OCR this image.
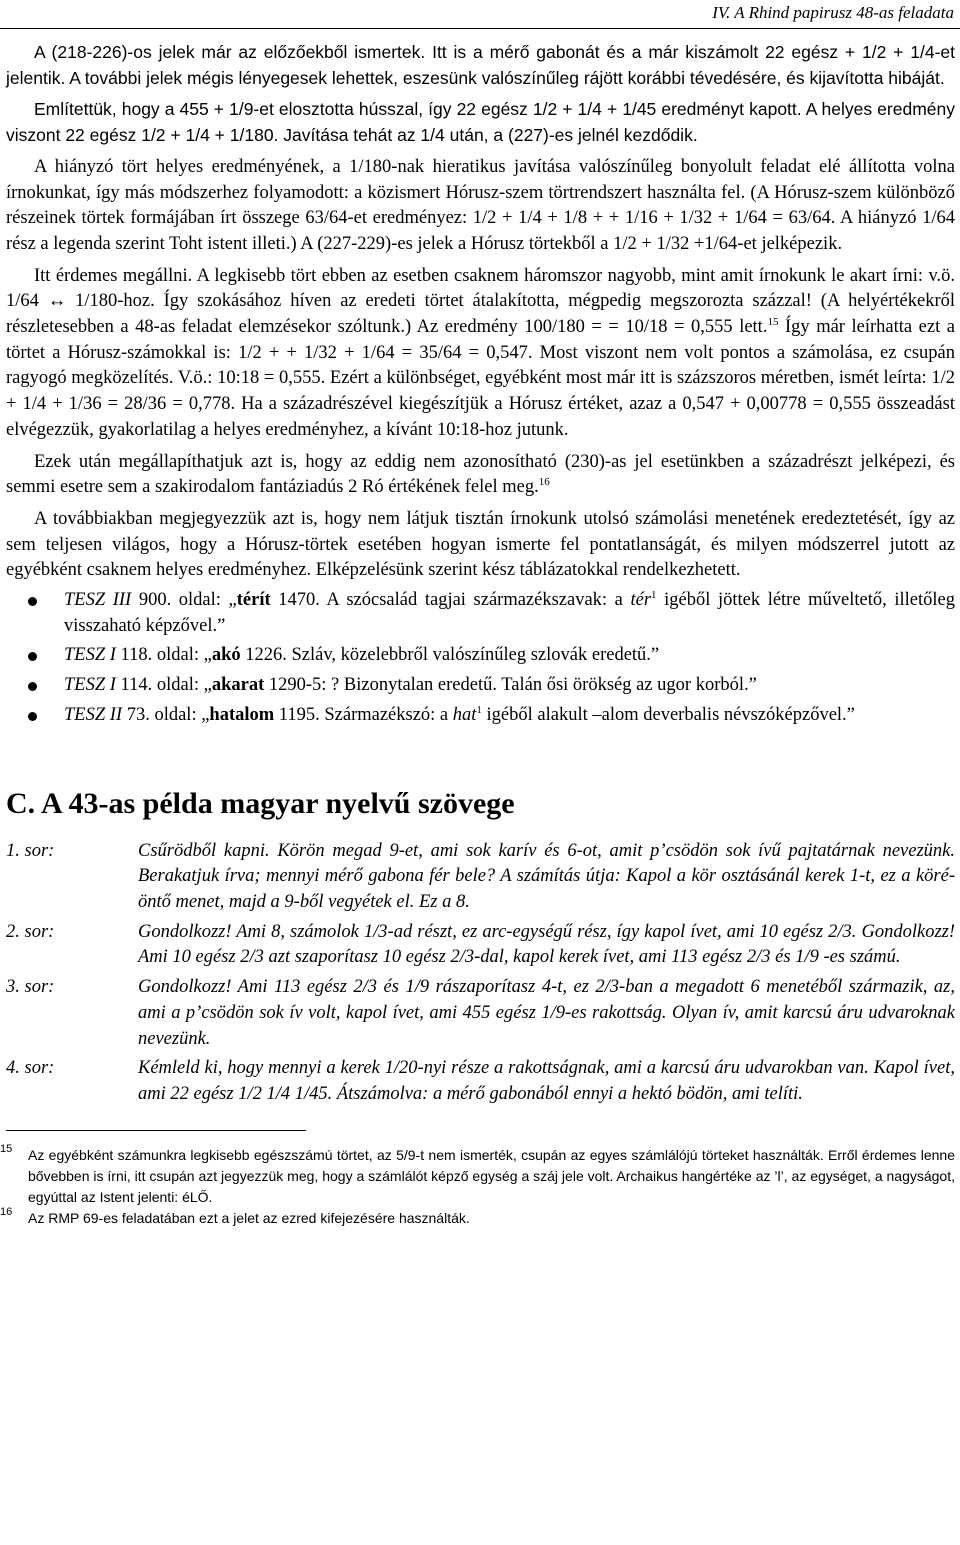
IV. A Rhind papirusz 48-as feladata

A (218-226)-os jelek már az előzőekből ismertek. Itt is a mérő gabonát és a már kiszámolt 22 egész + 1/2 + 1/4-et jelentik. A további jelek mégis lényegesek lehettek, eszesünk valószínűleg rájött korábbi tévedésére, és kijavította hibáját.

Említettük, hogy a 455 + 1/9-et elosztotta hússzal, így 22 egész 1/2 + 1/4 + 1/45 eredményt kapott. A helyes eredmény viszont 22 egész 1/2 + 1/4 + 1/180. Javítása tehát az 1/4 után, a (227)-es jelnél kezdődik.

A hiányzó tört helyes eredményének, a 1/180-nak hieratikus javítása valószínűleg bonyolult feladat elé állította volna írnokunkat, így más módszerhez folyamodott: a közismert Hórusz-szem törtrendszert használta fel. (A Hórusz-szem különböző részeinek törtek formájában írt összege 63/64-et eredményez: 1/2 + 1/4 + 1/8 + + 1/16 + 1/32 + 1/64 = 63/64. A hiányzó 1/64 rész a legenda szerint Toht istent illeti.) A (227-229)-es jelek a Hórusz törtekből a 1/2 + 1/32 +1/64-et jelképezik.

Itt érdemes megállni. A legkisebb tört ebben az esetben csaknem háromszor nagyobb, mint amit írnokunk le akart írni: v.ö. 1/64 ↔ 1/180-hoz. Így szokásához híven az eredeti törtet átalakította, mégpedig megszorozta százzal! (A helyértékekről részletesebben a 48-as feladat elemzésekor szóltunk.) Az eredmény 100/180 = = 10/18 = 0,555 lett.$^{15}$ Így már leírhatta ezt a törtet a Hórusz-számokkal is: 1/2 + + 1/32 + 1/64 = 35/64 = 0,547. Most viszont nem volt pontos a számolása, ez csupán ragyogó megközelítés. V.ö.: 10:18 = 0,555. Ezért a különbséget, egyébként most már itt is százszoros méretben, ismét leírta: 1/2 + 1/4 + 1/36 = 28/36 = 0,778. Ha a századrészével kiegészítjük a Hórusz értéket, azaz a 0,547 + 0,00778 = 0,555 összeadást elvégezzük, gyakorlatilag a helyes eredményhez, a kívánt 10:18-hoz jutunk.

Ezek után megállapíthatjuk azt is, hogy az eddig nem azonosítható (230)-as jel esetünkben a századrészt jelképezi, és semmi esetre sem a szakirodalom fantáziadús 2 Ró értékének felel meg.$^{16}$

A továbbiakban megjegyezzük azt is, hogy nem látjuk tisztán írnokunk utolsó számolási menetének eredeztetését, így az sem teljesen világos, hogy a Hórusz-törtek esetében hogyan ismerte fel pontatlanságát, és milyen módszerrel jutott az egyébként csaknem helyes eredményhez. Elképzelésünk szerint kész táblázatokkal rendelkezhetett.

TESZ III 900. oldal: „térít 1470. A szócsalád tagjai származékszavak: a tér$^1$ igéből jöttek létre műveltető, illetőleg visszaható képzővel.”
TESZ I 118. oldal: „akó 1226. Szláv, közelebbről valószínűleg szlovák eredetű.”
TESZ I 114. oldal: „akarat 1290-5: ? Bizonytalan eredetű. Talán ősi örökség az ugor korból.”
TESZ II 73. oldal: „hatalom 1195. Származékszó: a hat$^1$ igéből alakult –alom deverbalis névszóképzővel.”
C. A 43-as példa magyar nyelvű szövege
1. sor:	Csűrödből kapni. Körön megad 9-et, ami sok karív és 6-ot, amit p’csödön sok ívű pajtatárnak nevezünk. Berakatjuk írva; mennyi mérő gabona fér bele? A számítás útja: Kapol a kör osztásánál kerek 1-t, ez a köré-öntő menet, majd a 9-ből vegyétek el. Ez a 8.
2. sor:	Gondolkozz! Ami 8, számolok 1/3-ad részt, ez arc-egységű rész, így kapol ívet, ami 10 egész 2/3. Gondolkozz! Ami 10 egész 2/3 azt szaporítasz 10 egész 2/3-dal, kapol kerek ívet, ami 113 egész 2/3 és 1/9 -es számú.
3. sor:	Gondolkozz! Ami 113 egész 2/3 és 1/9 rászaporítasz 4-t, ez 2/3-ban a megadott 6 menetéből származik, az, ami a p’csödön sok ív volt, kapol ívet, ami 455 egész 1/9-es rakottság. Olyan ív, amit karcsú áru udvaroknak nevezünk.
4. sor:	Kémleld ki, hogy mennyi a kerek 1/20-nyi része a rakottságnak, ami a karcsú áru udvarokban van. Kapol ívet, ami 22 egész 1/2 1/4 1/45. Átszámolva: a mérő gabonából ennyi a hektó bödön, ami telíti.
15 Az egyébként számunkra legkisebb egészszámú törtet, az 5/9-t nem ismerték, csupán az egyes számlálójú törteket használták. Erről érdemes lenne bővebben is írni, itt csupán azt jegyezzük meg, hogy a számlálót képző egység a száj jele volt. Archaikus hangértéke az ’l’, az egységet, a nagyságot, egyúttal az Istent jelenti: éLŐ.
16 Az RMP 69-es feladatában ezt a jelet az ezred kifejezésére használták.
